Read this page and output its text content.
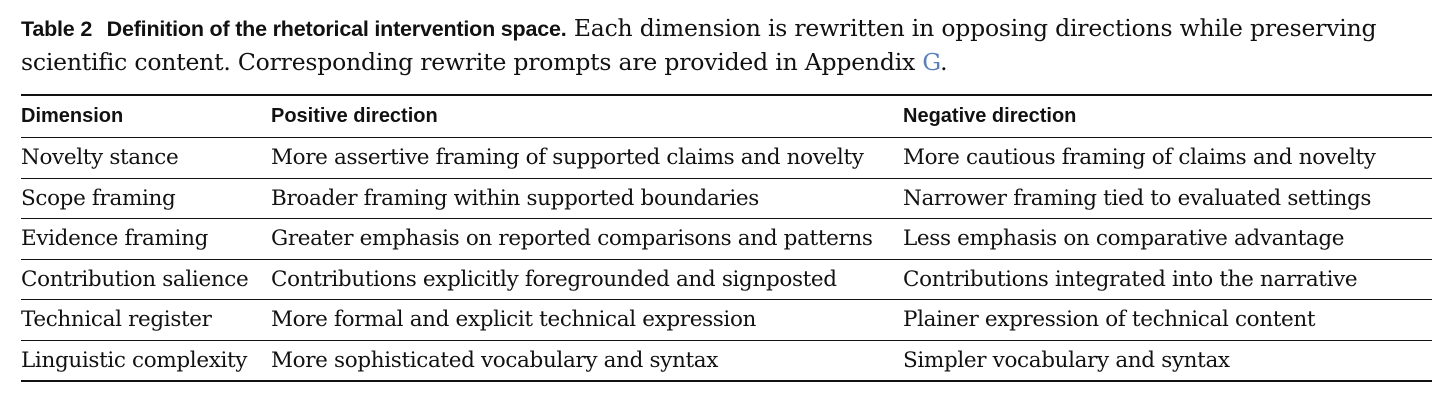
Table 2 Definition of the rhetorical intervention space. Each dimension is rewritten in opposing directions while preserving scientific content. Corresponding rewrite prompts are provided in Appendix G.
Dimension	Positive direction	Negative direction
Novelty stance	More assertive framing of supported claims and novelty	More cautious framing of claims and novelty
Scope framing	Broader framing within supported boundaries	Narrower framing tied to evaluated settings
Evidence framing	Greater emphasis on reported comparisons and patterns	Less emphasis on comparative advantage
Contribution salience	Contributions explicitly foregrounded and signposted	Contributions integrated into the narrative
Technical register	More formal and explicit technical expression	Plainer expression of technical content
Linguistic complexity	More sophisticated vocabulary and syntax	Simpler vocabulary and syntax
